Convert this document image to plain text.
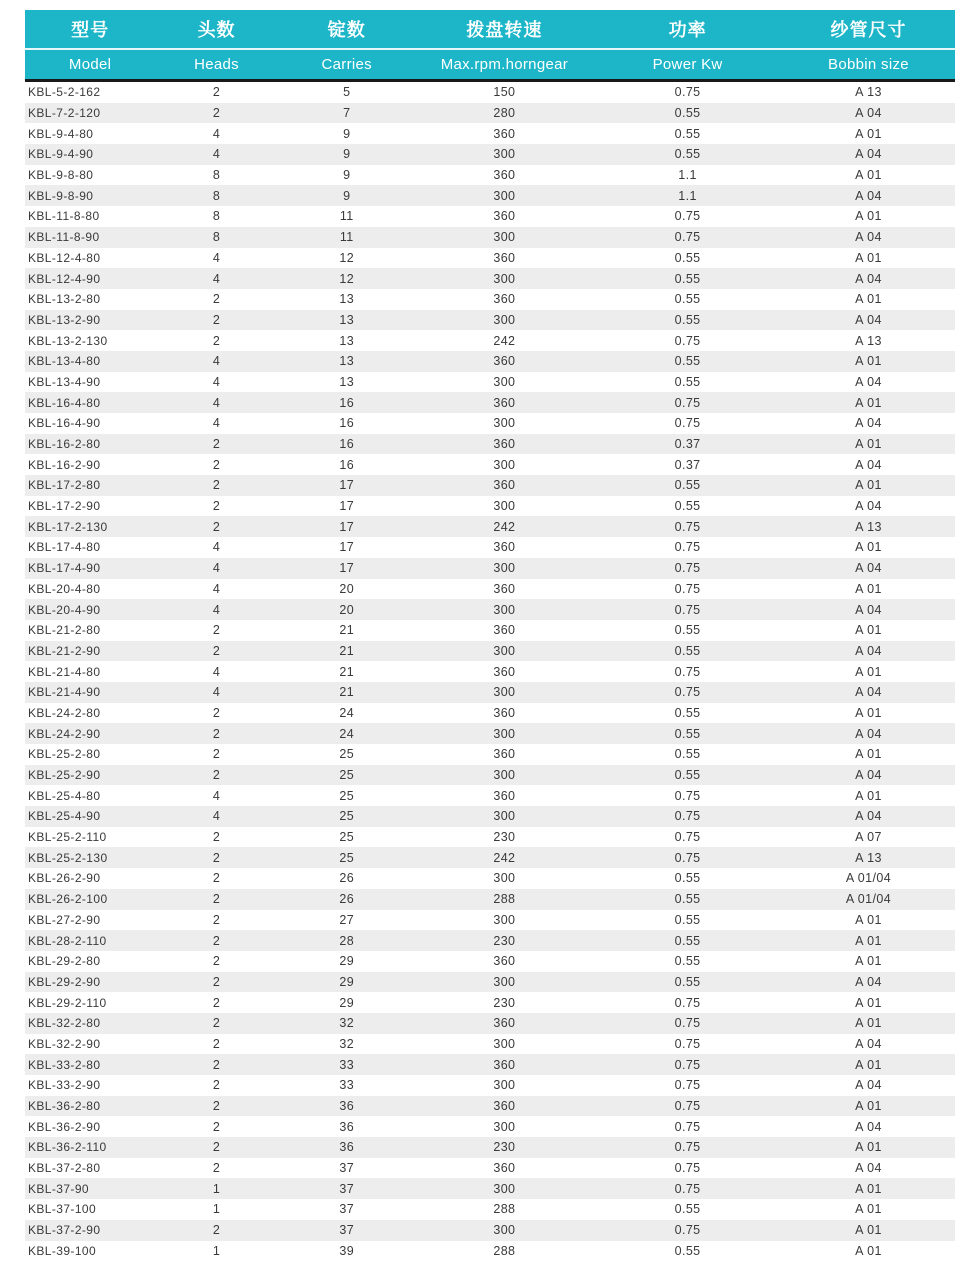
型号	头数	锭数	拨盘转速	功率	纱管尺寸
Model	Heads	Carries	Max.rpm.horngear	Power Kw	Bobbin size
KBL-5-2-162	2	5	150	0.75	A 13
KBL-7-2-120	2	7	280	0.55	A 04
KBL-9-4-80	4	9	360	0.55	A 01
KBL-9-4-90	4	9	300	0.55	A 04
KBL-9-8-80	8	9	360	1.1	A 01
KBL-9-8-90	8	9	300	1.1	A 04
KBL-11-8-80	8	11	360	0.75	A 01
KBL-11-8-90	8	11	300	0.75	A 04
KBL-12-4-80	4	12	360	0.55	A 01
KBL-12-4-90	4	12	300	0.55	A 04
KBL-13-2-80	2	13	360	0.55	A 01
KBL-13-2-90	2	13	300	0.55	A 04
KBL-13-2-130	2	13	242	0.75	A 13
KBL-13-4-80	4	13	360	0.55	A 01
KBL-13-4-90	4	13	300	0.55	A 04
KBL-16-4-80	4	16	360	0.75	A 01
KBL-16-4-90	4	16	300	0.75	A 04
KBL-16-2-80	2	16	360	0.37	A 01
KBL-16-2-90	2	16	300	0.37	A 04
KBL-17-2-80	2	17	360	0.55	A 01
KBL-17-2-90	2	17	300	0.55	A 04
KBL-17-2-130	2	17	242	0.75	A 13
KBL-17-4-80	4	17	360	0.75	A 01
KBL-17-4-90	4	17	300	0.75	A 04
KBL-20-4-80	4	20	360	0.75	A 01
KBL-20-4-90	4	20	300	0.75	A 04
KBL-21-2-80	2	21	360	0.55	A 01
KBL-21-2-90	2	21	300	0.55	A 04
KBL-21-4-80	4	21	360	0.75	A 01
KBL-21-4-90	4	21	300	0.75	A 04
KBL-24-2-80	2	24	360	0.55	A 01
KBL-24-2-90	2	24	300	0.55	A 04
KBL-25-2-80	2	25	360	0.55	A 01
KBL-25-2-90	2	25	300	0.55	A 04
KBL-25-4-80	4	25	360	0.75	A 01
KBL-25-4-90	4	25	300	0.75	A 04
KBL-25-2-110	2	25	230	0.75	A 07
KBL-25-2-130	2	25	242	0.75	A 13
KBL-26-2-90	2	26	300	0.55	A 01/04
KBL-26-2-100	2	26	288	0.55	A 01/04
KBL-27-2-90	2	27	300	0.55	A 01
KBL-28-2-110	2	28	230	0.55	A 01
KBL-29-2-80	2	29	360	0.55	A 01
KBL-29-2-90	2	29	300	0.55	A 04
KBL-29-2-110	2	29	230	0.75	A 01
KBL-32-2-80	2	32	360	0.75	A 01
KBL-32-2-90	2	32	300	0.75	A 04
KBL-33-2-80	2	33	360	0.75	A 01
KBL-33-2-90	2	33	300	0.75	A 04
KBL-36-2-80	2	36	360	0.75	A 01
KBL-36-2-90	2	36	300	0.75	A 04
KBL-36-2-110	2	36	230	0.75	A 01
KBL-37-2-80	2	37	360	0.75	A 04
KBL-37-90	1	37	300	0.75	A 01
KBL-37-100	1	37	288	0.55	A 01
KBL-37-2-90	2	37	300	0.75	A 01
KBL-39-100	1	39	288	0.55	A 01
